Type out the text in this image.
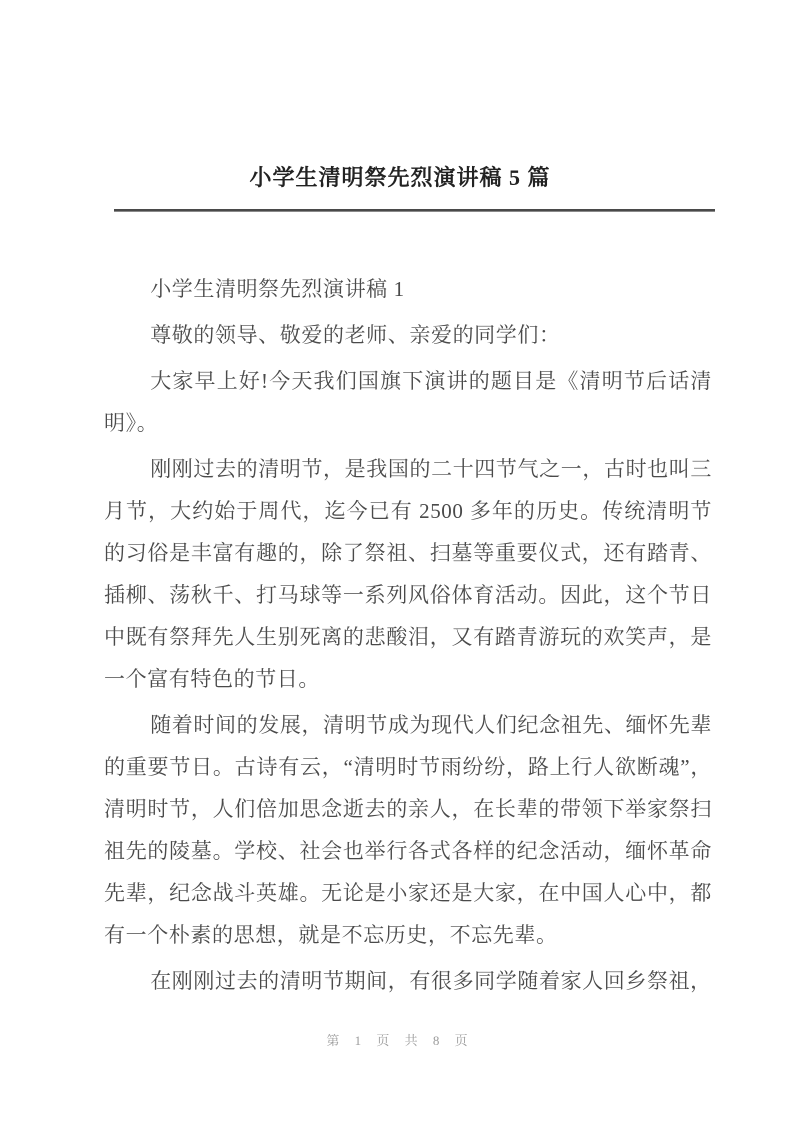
小学生清明祭先烈演讲稿 5 篇

小学生清明祭先烈演讲稿 1

尊敬的领导、敬爱的老师、亲爱的同学们：

大家早上好!今天我们国旗下演讲的题目是《清明节后话清明》。

刚刚过去的清明节，是我国的二十四节气之一，古时也叫三月节，大约始于周代，迄今已有 2500 多年的历史。传统清明节的习俗是丰富有趣的，除了祭祖、扫墓等重要仪式，还有踏青、插柳、荡秋千、打马球等一系列风俗体育活动。因此，这个节日中既有祭拜先人生别死离的悲酸泪，又有踏青游玩的欢笑声，是一个富有特色的节日。

随着时间的发展，清明节成为现代人们纪念祖先、缅怀先辈的重要节日。古诗有云，“清明时节雨纷纷，路上行人欲断魂”，清明时节，人们倍加思念逝去的亲人，在长辈的带领下举家祭扫祖先的陵墓。学校、社会也举行各式各样的纪念活动，缅怀革命先辈，纪念战斗英雄。无论是小家还是大家，在中国人心中，都有一个朴素的思想，就是不忘历史，不忘先辈。

在刚刚过去的清明节期间，有很多同学随着家人回乡祭祖，

第 1 页 共 8 页
